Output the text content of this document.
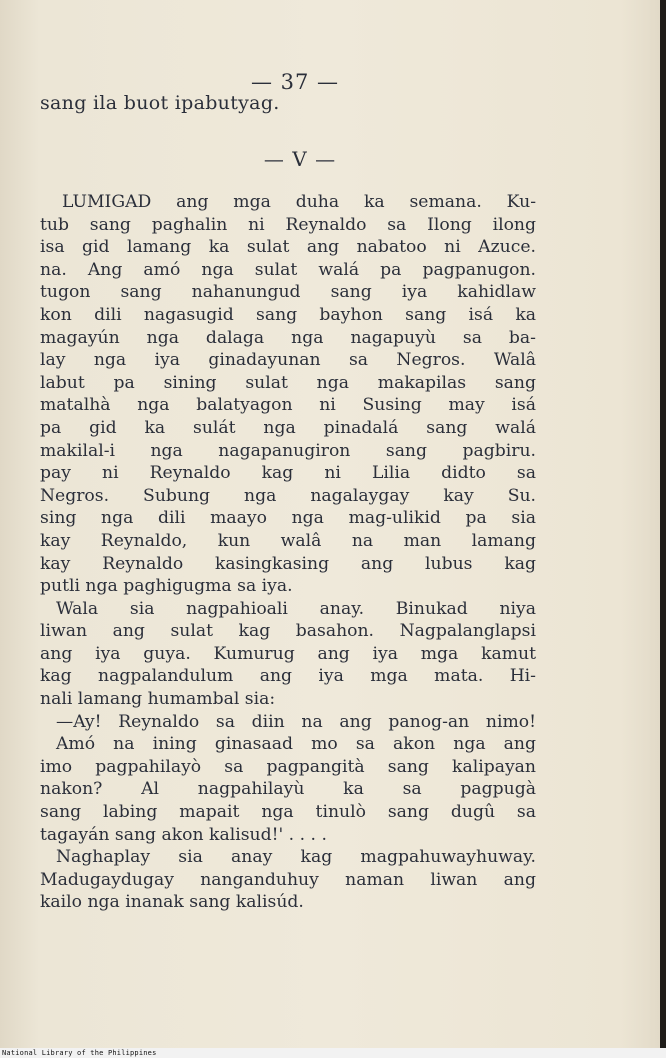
— 37 —
sang ila buot ipabutyag.
— V —
LUMIGAD ang mga duha ka semana. Ku-
tub sang paghalin ni Reynaldo sa Ilong ilong
isa gid lamang ka sulat ang nabatoo ni Azuce.
na. Ang amó nga sulat walá pa pagpanugon.
tugon sang nahanungud sang iya kahidlaw
kon dili nagasugid sang bayhon sang isá ka
magayún nga dalaga nga nagapuyù sa ba-
lay nga iya ginadayunan sa Negros. Walâ
labut pa sining sulat nga makapilas sang
matalhà nga balatyagon ni Susing may isá
pa gid ka sulát nga pinadalá sang walá
makilal-i nga nagapanugiron sang pagbiru.
pay ni Reynaldo kag ni Lilia didto sa
Negros. Subung nga nagalaygay kay Su.
sing nga dili maayo nga mag-ulikid pa sia
kay Reynaldo, kun walâ na man lamang
kay Reynaldo kasingkasing ang lubus kag
putli nga paghigugma sa iya.
Wala sia nagpahioali anay. Binukad niya
liwan ang sulat kag basahon. Nagpalanglapsi
ang iya guya. Kumurug ang iya mga kamut
kag nagpalandulum ang iya mga mata. Hi-
nali lamang humambal sia:
—Ay! Reynaldo sa diin na ang panog-an nimo!
Amó na ining ginasaad mo sa akon nga ang
imo pagpahilayò sa pagpangità sang kalipayan
nakon? Al nagpahilayù ka sa pagpugà
sang labing mapait nga tinulò sang dugû sa
tagayán sang akon kalisud!' . . . .
Naghaplay sia anay kag magpahuwayhuway.
Madugaydugay nanganduhuy naman liwan ang
kailo nga inanak sang kalisúd.
National Library of the Philippines
